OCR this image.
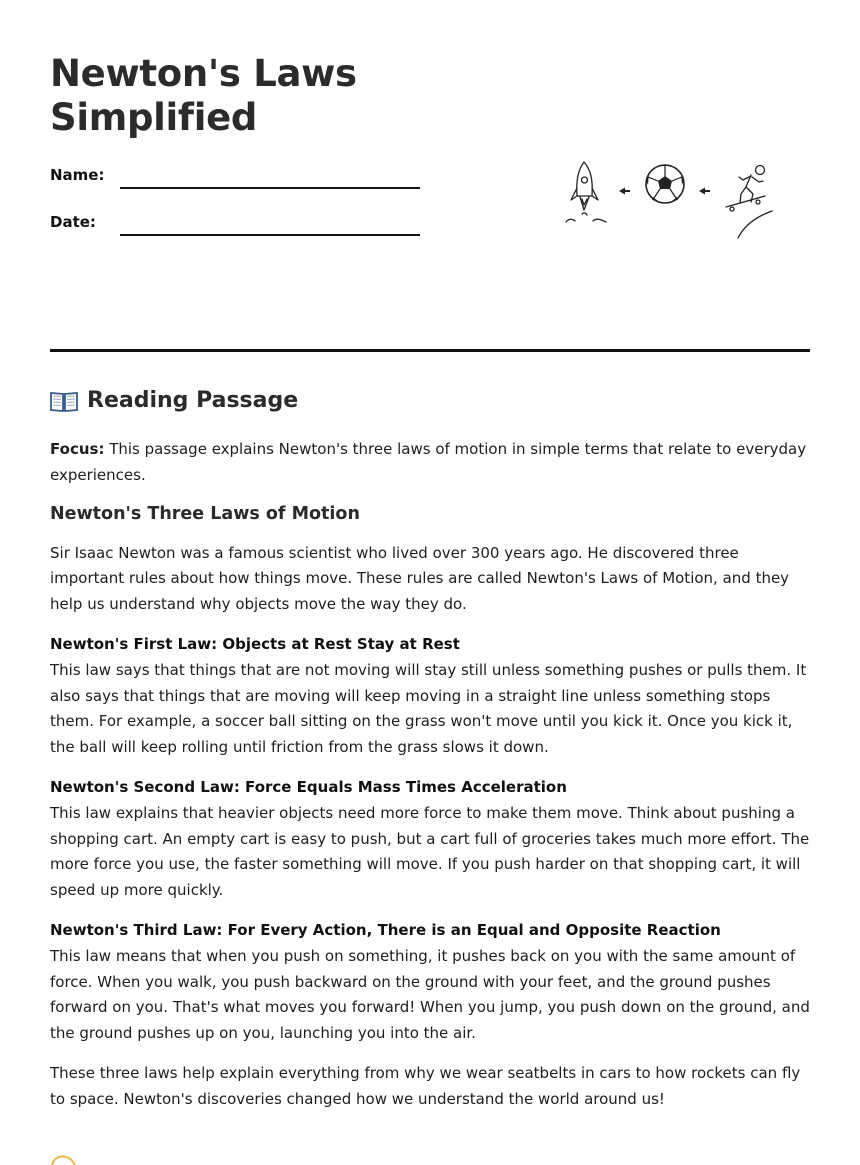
Newton's Laws
Simplified
Name:
Date:
Reading Passage

Focus: This passage explains Newton's three laws of motion in simple terms that relate to everyday experiences.

Newton's Three Laws of Motion

Sir Isaac Newton was a famous scientist who lived over 300 years ago. He discovered three important rules about how things move. These rules are called Newton's Laws of Motion, and they help us understand why objects move the way they do.

Newton's First Law: Objects at Rest Stay at Rest
This law says that things that are not moving will stay still unless something pushes or pulls them. It also says that things that are moving will keep moving in a straight line unless something stops them. For example, a soccer ball sitting on the grass won't move until you kick it. Once you kick it, the ball will keep rolling until friction from the grass slows it down.
Newton's Second Law: Force Equals Mass Times Acceleration
This law explains that heavier objects need more force to make them move. Think about pushing a shopping cart. An empty cart is easy to push, but a cart full of groceries takes much more effort. The more force you use, the faster something will move. If you push harder on that shopping cart, it will speed up more quickly.
Newton's Third Law: For Every Action, There is an Equal and Opposite Reaction
This law means that when you push on something, it pushes back on you with the same amount of force. When you walk, you push backward on the ground with your feet, and the ground pushes forward on you. That's what moves you forward! When you jump, you push down on the ground, and the ground pushes up on you, launching you into the air.

These three laws help explain everything from why we wear seatbelts in cars to how rockets can fly to space. Newton's discoveries changed how we understand the world around us!
